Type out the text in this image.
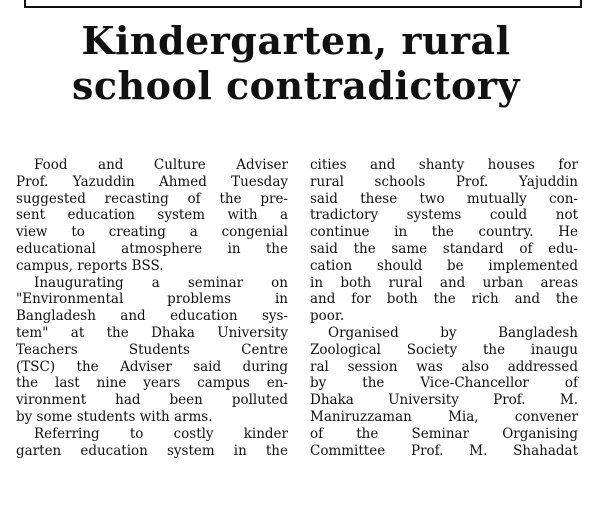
Kindergarten, rural
school contradictory
Food and Culture Adviser
Prof. Yazuddin Ahmed Tuesday
suggested recasting of the pre-
sent education system with a
view to creating a congenial
educational atmosphere in the
campus, reports BSS.
Inaugurating a seminar on
"Environmental problems in
Bangladesh and education sys-
tem" at the Dhaka University
Teachers Students Centre
(TSC) the Adviser said during
the last nine years campus en-
vironment had been polluted
by some students with arms.
Referring to costly kinder
garten education system in the
cities and shanty houses for
rural schools Prof. Yajuddin
said these two mutually con-
tradictory systems could not
continue in the country. He
said the same standard of edu-
cation should be implemented
in both rural and urban areas
and for both the rich and the
poor.
Organised by Bangladesh
Zoological Society the inaugu
ral session was also addressed
by the Vice-Chancellor of
Dhaka University Prof. M.
Maniruzzaman Mia, convener
of the Seminar Organising
Committee Prof. M. Shahadat
